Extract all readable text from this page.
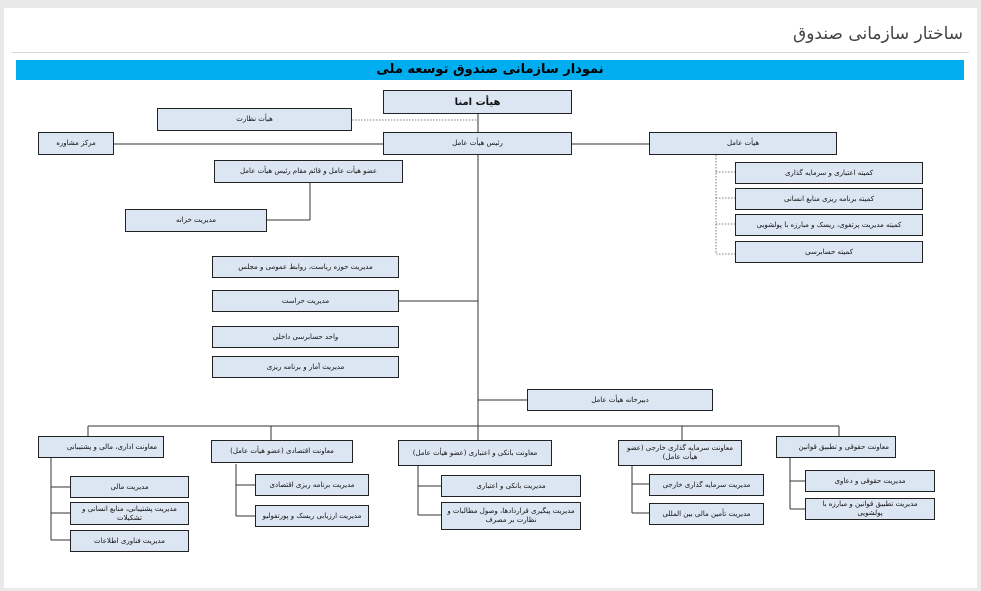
ساختار سازمانی صندوق
نمودار سازمانی صندوق توسعه ملی
هیأت امنا
هیأت نظارت
مرکز مشاوره	رئیس هیأت عامل	هیأت عامل
عضو هیأت عامل و قائم مقام رئیس هیأت عامل
مدیریت خزانه
کمیته اعتباری و سرمایه گذاری
کمیته برنامه ریزی منابع انسانی
کمیته مدیریت پرتفوی، ریسک و مبارزه با پولشویی
کمیته حسابرسی
مدیریت حوزه ریاست، روابط عمومی و مجلس
مدیریت حراست
واحد حسابرسی داخلی
مدیریت آمار و برنامه ریزی
دبیرخانه هیأت عامل
معاونت اداری، مالی و پشتیبانی
مدیریت مالی
مدیریت پشتیبانی، منابع انسانی و تشکیلات
مدیریت فناوری اطلاعات
معاونت اقتصادی (عضو هیأت عامل)
مدیریت برنامه ریزی اقتصادی
مدیریت ارزیابی ریسک و پورتفولیو
معاونت بانکی و اعتباری (عضو هیأت عامل)
مدیریت بانکی و اعتباری
مدیریت پیگیری قراردادها، وصول مطالبات و نظارت بر مصرف
معاونت سرمایه گذاری خارجی (عضو هیأت عامل)
مدیریت سرمایه گذاری خارجی
مدیریت تأمین مالی بین المللی
معاونت حقوقی و تطبیق قوانین
مدیریت حقوقی و دعاوی
مدیریت تطبیق قوانین و مبارزه با پولشویی
